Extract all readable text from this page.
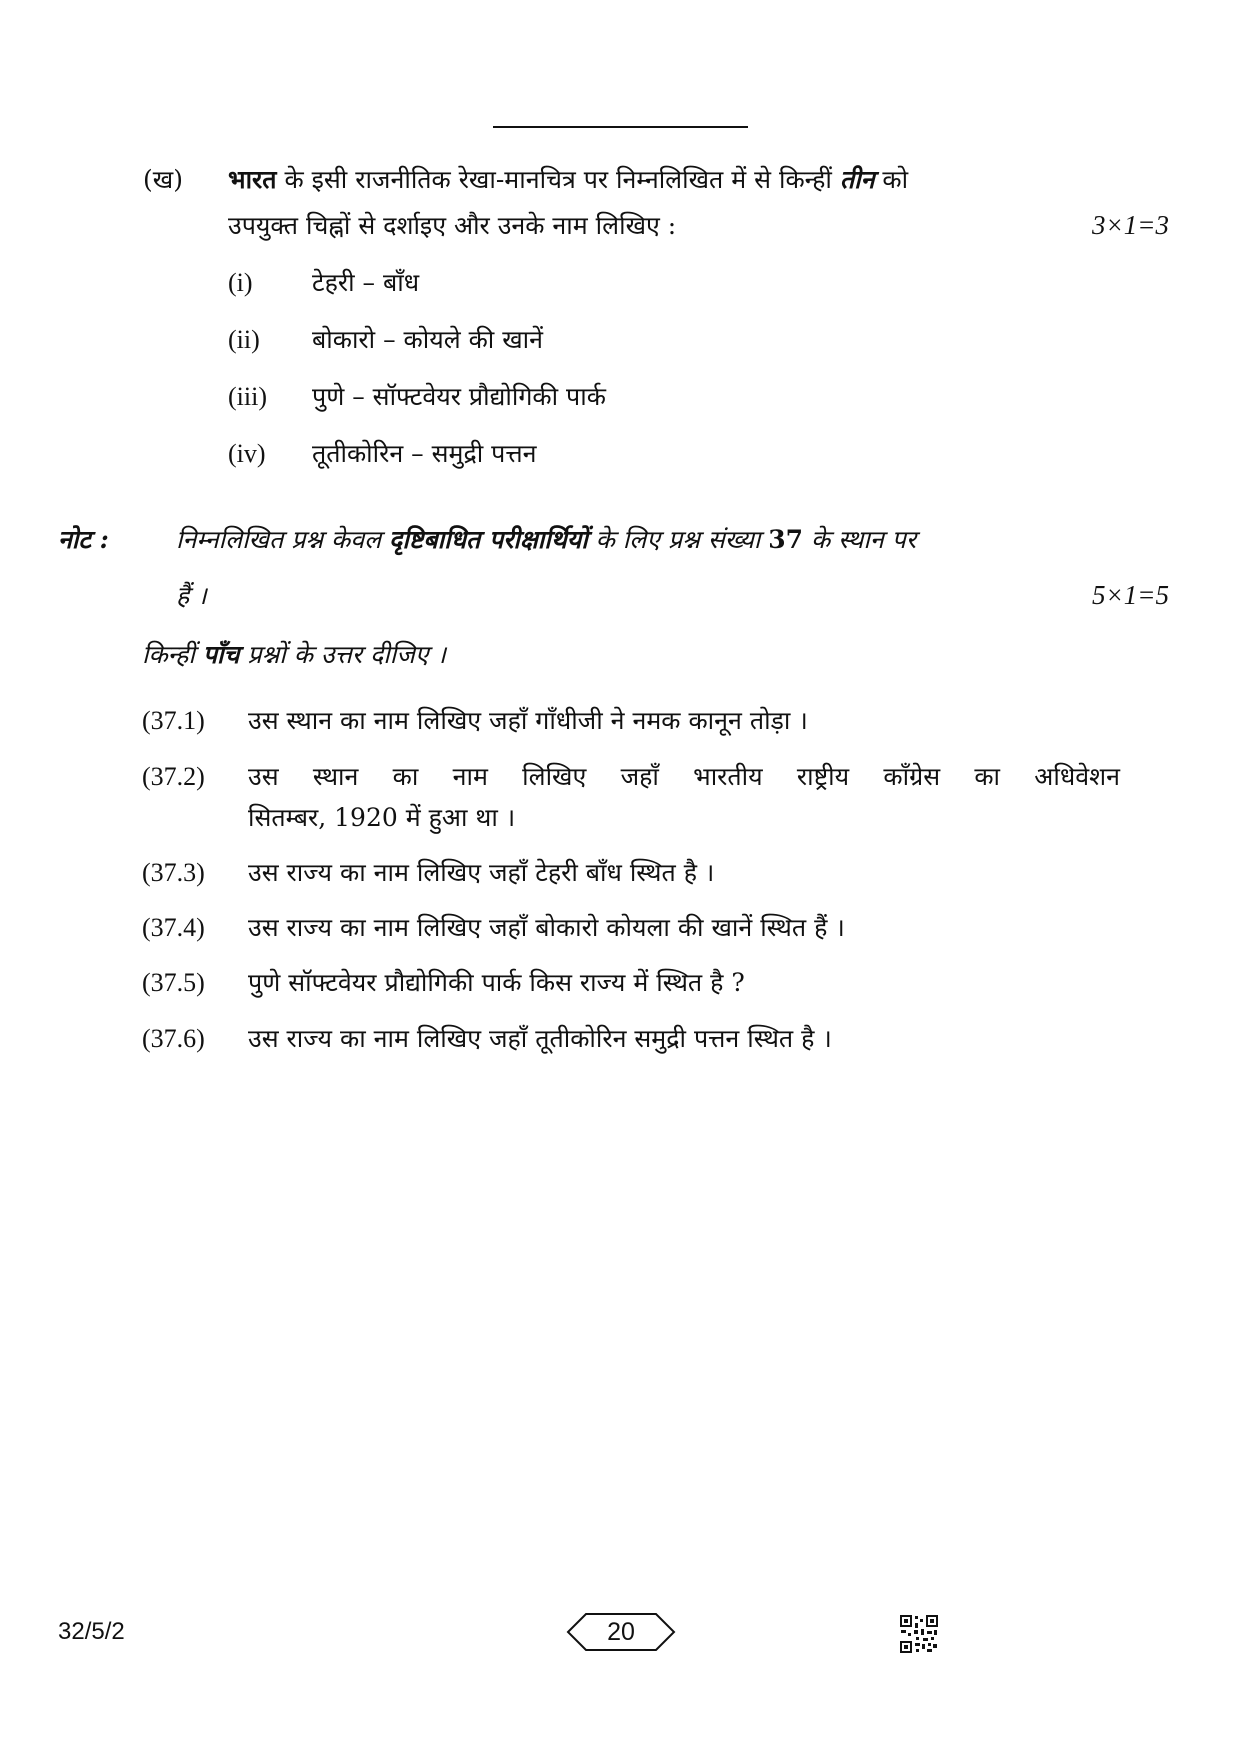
(ख) भारत के इसी राजनीतिक रेखा-मानचित्र पर निम्नलिखित में से किन्हीं तीन को
उपयुक्त चिह्नों से दर्शाइए और उनके नाम लिखिए :	3×1=3
(i) टेहरी – बाँध
(ii) बोकारो – कोयले की खानें
(iii) पुणे – सॉफ्टवेयर प्रौद्योगिकी पार्क
(iv) तूतीकोरिन – समुद्री पत्तन
नोट :	निम्नलिखित प्रश्न केवल दृष्टिबाधित परीक्षार्थियों के लिए प्रश्न संख्या 37 के स्थान पर
हैं ।	5×1=5
किन्हीं पाँच प्रश्नों के उत्तर दीजिए ।
(37.1) उस स्थान का नाम लिखिए जहाँ गाँधीजी ने नमक कानून तोड़ा ।
(37.2) उस स्थान का नाम लिखिए जहाँ भारतीय राष्ट्रीय काँग्रेस का अधिवेशन
सितम्बर, 1920 में हुआ था ।
(37.3) उस राज्य का नाम लिखिए जहाँ टेहरी बाँध स्थित है ।
(37.4) उस राज्य का नाम लिखिए जहाँ बोकारो कोयला की खानें स्थित हैं ।
(37.5) पुणे सॉफ्टवेयर प्रौद्योगिकी पार्क किस राज्य में स्थित है ?
(37.6) उस राज्य का नाम लिखिए जहाँ तूतीकोरिन समुद्री पत्तन स्थित है ।
32/5/2	20
